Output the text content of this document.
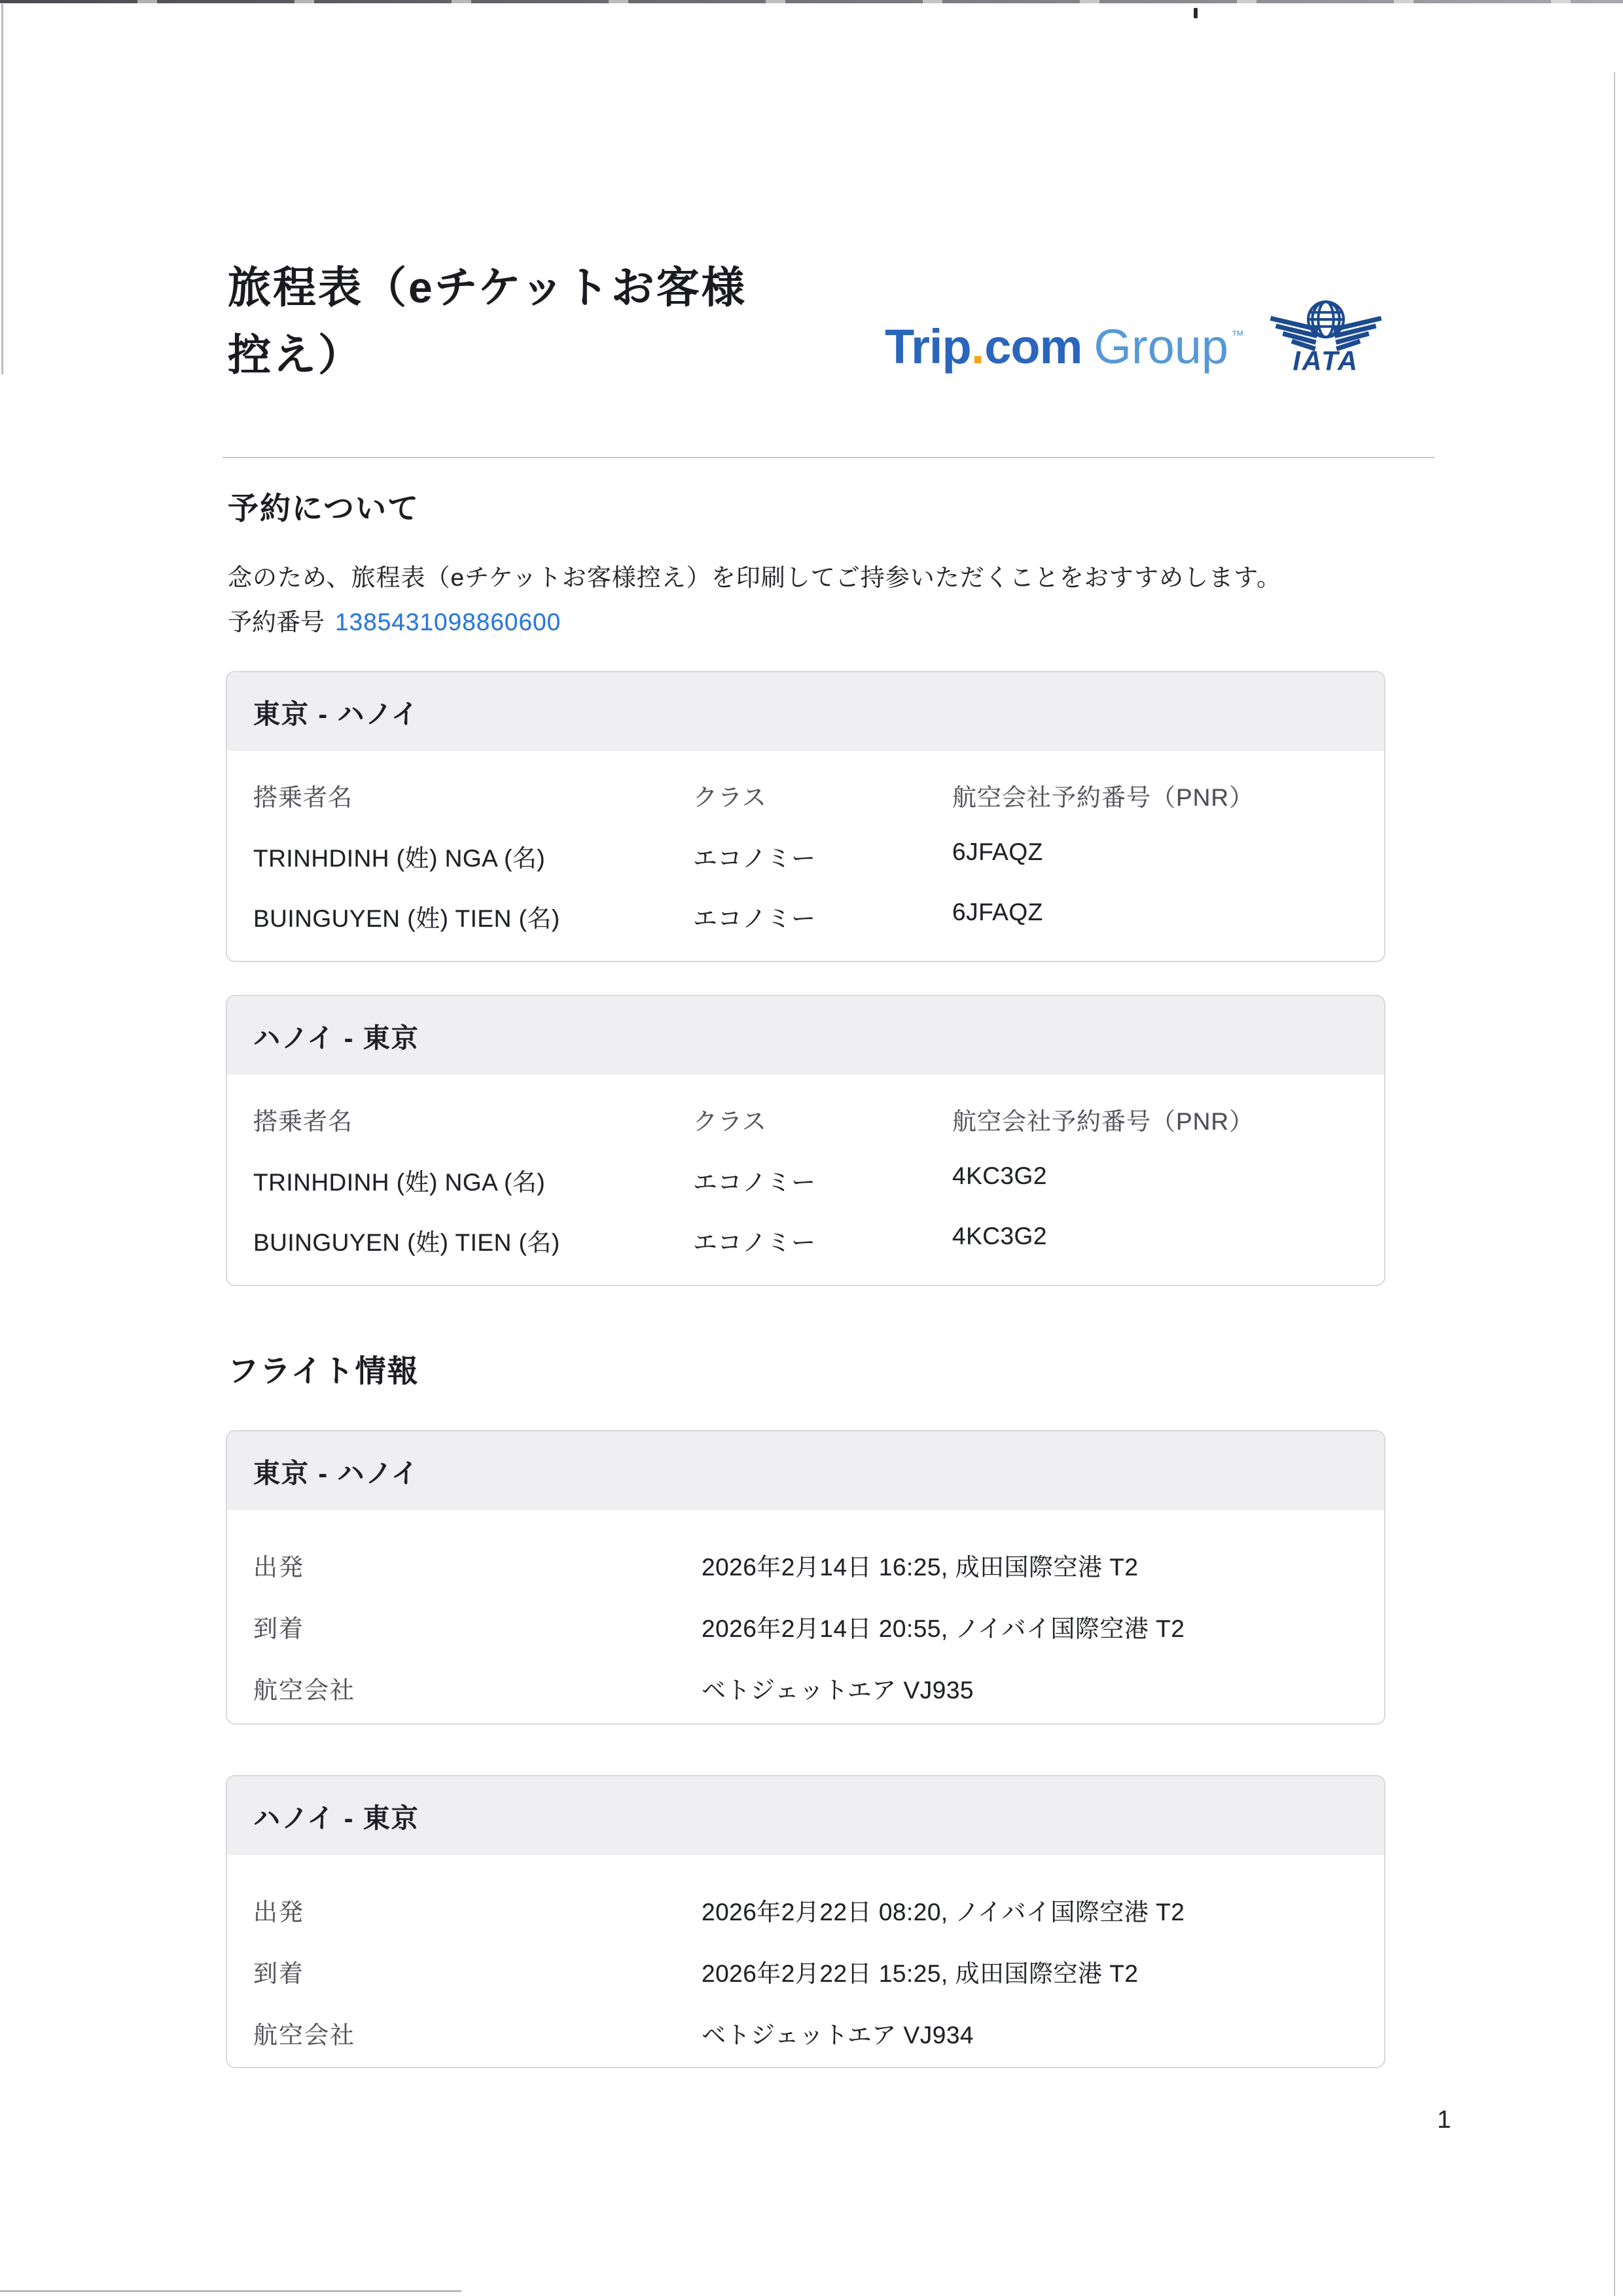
旅程表（eチケットお客様
控え）	Trip.com Group ™
IATA
予約について
念のため、旅程表（eチケットお客様控え）を印刷してご持参いただくことをおすすめします。
予約番号 1385431098860600
東京 - ハノイ
搭乗者名	クラス	航空会社予約番号（PNR）
TRINHDINH (姓) NGA (名)	エコノミー	6JFAQZ
BUINGUYEN (姓) TIEN (名)	エコノミー	6JFAQZ
ハノイ - 東京
搭乗者名	クラス	航空会社予約番号（PNR）
TRINHDINH (姓) NGA (名)	エコノミー	4KC3G2
BUINGUYEN (姓) TIEN (名)	エコノミー	4KC3G2
フライト情報
東京 - ハノイ
出発	2026年2月14日 16:25, 成田国際空港 T2
到着	2026年2月14日 20:55, ノイバイ国際空港 T2
航空会社	ベトジェットエア VJ935
ハノイ - 東京
出発	2026年2月22日 08:20, ノイバイ国際空港 T2
到着	2026年2月22日 15:25, 成田国際空港 T2
航空会社	ベトジェットエア VJ934
1
